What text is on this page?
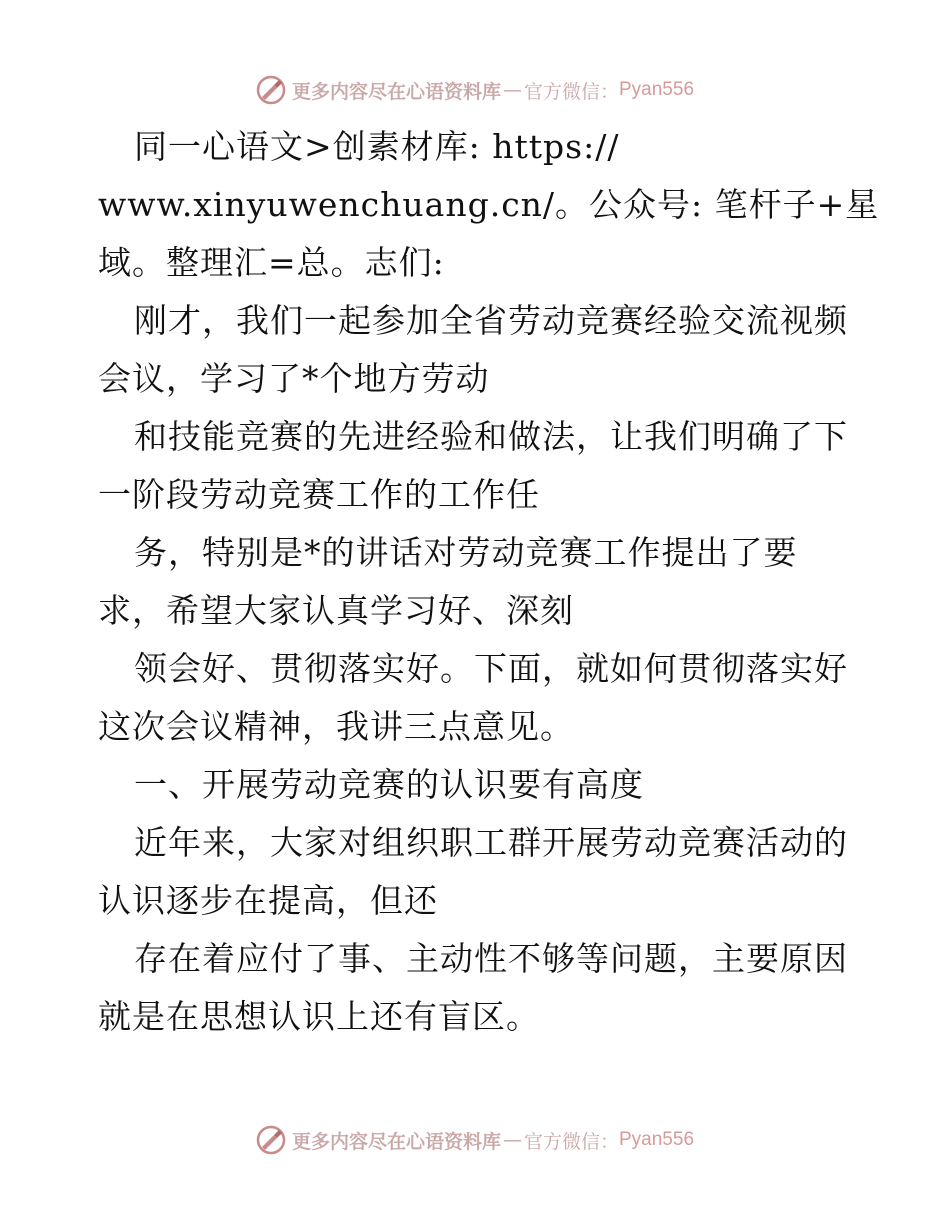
更多内容尽在心语资料库 — 官方微信： Pyan556
同一心语文>创素材库: https://
www.xinyuwenchuang.cn/。公众号: 笔杆子+星
域。整理汇=总。志们:
刚才，我们一起参加全省劳动竞赛经验交流视频
会议，学习了*个地方劳动
和技能竞赛的先进经验和做法，让我们明确了下
一阶段劳动竞赛工作的工作任
务，特别是*的讲话对劳动竞赛工作提出了要
求，希望大家认真学习好、深刻
领会好、贯彻落实好。下面，就如何贯彻落实好
这次会议精神，我讲三点意见。
一、开展劳动竞赛的认识要有高度
近年来，大家对组织职工群开展劳动竞赛活动的
认识逐步在提高，但还
存在着应付了事、主动性不够等问题，主要原因
就是在思想认识上还有盲区。
更多内容尽在心语资料库 — 官方微信： Pyan556
